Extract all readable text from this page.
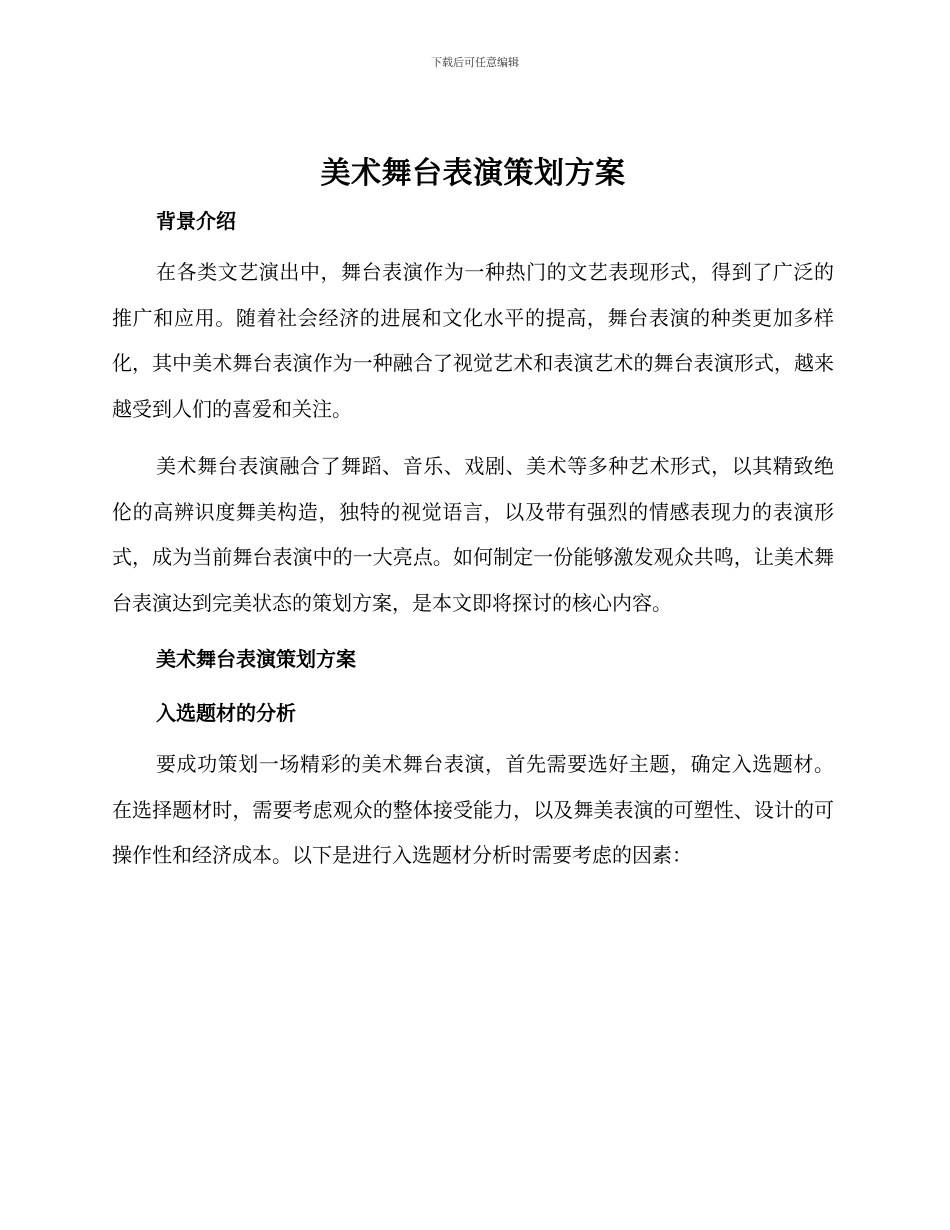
下载后可任意编辑
美术舞台表演策划方案
背景介绍

在各类文艺演出中，舞台表演作为一种热门的文艺表现形式，得到了广泛的推广和应用。随着社会经济的进展和文化水平的提高，舞台表演的种类更加多样化，其中美术舞台表演作为一种融合了视觉艺术和表演艺术的舞台表演形式，越来越受到人们的喜爱和关注。

美术舞台表演融合了舞蹈、音乐、戏剧、美术等多种艺术形式，以其精致绝伦的高辨识度舞美构造，独特的视觉语言，以及带有强烈的情感表现力的表演形式，成为当前舞台表演中的一大亮点。如何制定一份能够激发观众共鸣，让美术舞台表演达到完美状态的策划方案，是本文即将探讨的核心内容。

美术舞台表演策划方案
入选题材的分析

要成功策划一场精彩的美术舞台表演，首先需要选好主题，确定入选题材。在选择题材时，需要考虑观众的整体接受能力，以及舞美表演的可塑性、设计的可操作性和经济成本。以下是进行入选题材分析时需要考虑的因素：
